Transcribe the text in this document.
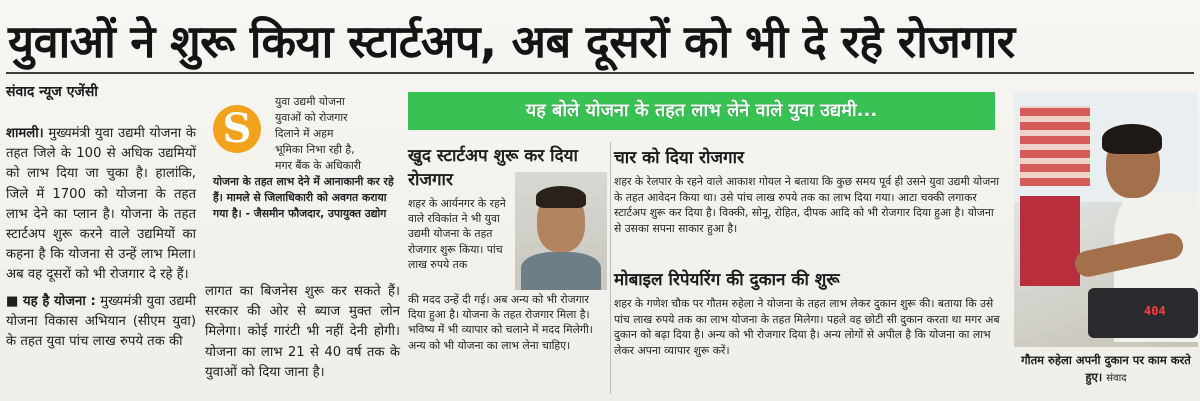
युवाओं ने शुरू किया स्टार्टअप, अब दूसरों को भी दे रहे रोजगार
संवाद न्यूज एजेंसी

शामली। मुख्यमंत्री युवा उद्यमी योजना के तहत जिले के 100 से अधिक उद्यमियों को लाभ दिया जा चुका है। हालांकि, जिले में 1700 को योजना के तहत लाभ देने का प्लान है। योजना के तहत स्टार्टअप शुरू करने वाले उद्यमियों का कहना है कि योजना से उन्हें लाभ मिला। अब वह दूसरों को भी रोजगार दे रहे हैं।

■ यह है योजना : मुख्यमंत्री युवा उद्यमी योजना विकास अभियान (सीएम युवा) के तहत युवा पांच लाख रुपये तक की

S
युवा उद्यमी योजना
युवाओं को रोजगार
दिलाने में अहम
भूमिका निभा रही है,
मगर बैंक के अधिकारी
योजना के तहत लाभ देने में आनाकानी कर रहे हैं। मामले से जिलाधिकारी को अवगत कराया गया है। - जैसमीन फौजदार, उपायुक्त उद्योग

लागत का बिजनेस शुरू कर सकते हैं। सरकार की ओर से ब्याज मुक्त लोन मिलेगा। कोई गारंटी भी नहीं देनी होगी। योजना का लाभ 21 से 40 वर्ष तक के युवाओं को दिया जाना है।

यह बोले योजना के तहत लाभ लेने वाले युवा उद्यमी...
खुद स्टार्टअप शुरू कर दिया रोजगार
शहर के आर्यनगर के रहने वाले रविकांत ने भी युवा उद्यमी योजना के तहत रोजगार शुरू किया। पांच लाख रुपये तक
की मदद उन्हें दी गई। अब अन्य को भी रोजगार दिया हुआ है। योजना के तहत रोजगार मिला है। भविष्य में भी व्यापार को चलाने में मदद मिलेगी। अन्य को भी योजना का लाभ लेना चाहिए।
चार को दिया रोजगार
शहर के रेलपार के रहने वाले आकाश गोयल ने बताया कि कुछ समय पूर्व ही उसने युवा उद्यमी योजना के तहत आवेदन किया था। उसे पांच लाख रुपये तक का लाभ दिया गया। आटा चक्की लगाकर स्टार्टअप शुरू कर दिया है। विक्की, सोनू, रोहित, दीपक आदि को भी रोजगार दिया हुआ है। योजना से उसका सपना साकार हुआ है।
मोबाइल रिपेयरिंग की दुकान की शुरू
शहर के गणेश चौक पर गौतम रुहेला ने योजना के तहत लाभ लेकर दुकान शुरू की। बताया कि उसे पांच लाख रुपये तक का लाभ योजना के तहत मिलेगा। पहले वह छोटी सी दुकान करता था मगर अब दुकान को बढ़ा दिया है। अन्य को भी रोजगार दिया है। अन्य लोगों से अपील है कि योजना का लाभ लेकर अपना व्यापार शुरू करें।
404
गौतम रुहेला अपनी दुकान पर काम करते हुए। संवाद
